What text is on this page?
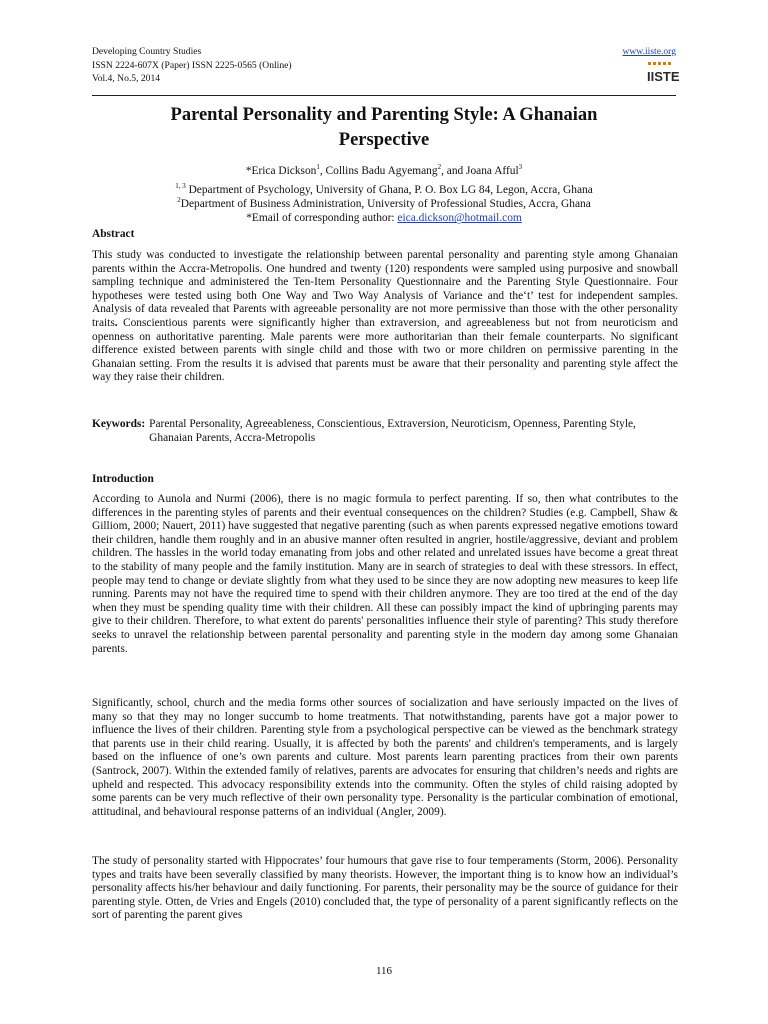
Developing Country Studies
ISSN 2224-607X (Paper) ISSN 2225-0565 (Online)
Vol.4, No.5, 2014
www.iiste.org
IISTE
Parental Personality and Parenting Style: A Ghanaian
Perspective
*Erica Dickson$^1$, Collins Badu Agyemang$^2$, and Joana Afful$^3$
$^{1, 3}$ Department of Psychology, University of Ghana, P. O. Box LG 84, Legon, Accra, Ghana
$^2$Department of Business Administration, University of Professional Studies, Accra, Ghana
*Email of corresponding author: eica.dickson@hotmail.com
Abstract
This study was conducted to investigate the relationship between parental personality and parenting style among Ghanaian parents within the Accra-Metropolis. One hundred and twenty (120) respondents were sampled using purposive and snowball sampling technique and administered the Ten-Item Personality Questionnaire and the Parenting Style Questionnaire. Four hypotheses were tested using both One Way and Two Way Analysis of Variance and the‘t’ test for independent samples. Analysis of data revealed that Parents with agreeable personality are not more permissive than those with the other personality traits. Conscientious parents were significantly higher than extraversion, and agreeableness but not from neuroticism and openness on authoritative parenting. Male parents were more authoritarian than their female counterparts. No significant difference existed between parents with single child and those with two or more children on permissive parenting in the Ghanaian setting. From the results it is advised that parents must be aware that their personality and parenting style affect the way they raise their children.
Keywords: Parental Personality, Agreeableness, Conscientious, Extraversion, Neuroticism, Openness, Parenting Style, Ghanaian Parents, Accra-Metropolis
Introduction
According to Aunola and Nurmi (2006), there is no magic formula to perfect parenting. If so, then what contributes to the differences in the parenting styles of parents and their eventual consequences on the children? Studies (e.g. Campbell, Shaw & Gilliom, 2000; Nauert, 2011) have suggested that negative parenting (such as when parents expressed negative emotions toward their children, handle them roughly and in an abusive manner often resulted in angrier, hostile/aggressive, deviant and problem children. The hassles in the world today emanating from jobs and other related and unrelated issues have become a great threat to the stability of many people and the family institution. Many are in search of strategies to deal with these stressors. In effect, people may tend to change or deviate slightly from what they used to be since they are now adopting new measures to keep life running. Parents may not have the required time to spend with their children anymore. They are too tired at the end of the day when they must be spending quality time with their children. All these can possibly impact the kind of upbringing parents may give to their children. Therefore, to what extent do parents' personalities influence their style of parenting? This study therefore seeks to unravel the relationship between parental personality and parenting style in the modern day among some Ghanaian parents.
Significantly, school, church and the media forms other sources of socialization and have seriously impacted on the lives of many so that they may no longer succumb to home treatments. That notwithstanding, parents have got a major power to influence the lives of their children. Parenting style from a psychological perspective can be viewed as the benchmark strategy that parents use in their child rearing. Usually, it is affected by both the parents' and children's temperaments, and is largely based on the influence of one’s own parents and culture. Most parents learn parenting practices from their own parents (Santrock, 2007). Within the extended family of relatives, parents are advocates for ensuring that children’s needs and rights are upheld and respected. This advocacy responsibility extends into the community. Often the styles of child raising adopted by some parents can be very much reflective of their own personality type. Personality is the particular combination of emotional, attitudinal, and behavioural response patterns of an individual (Angler, 2009).
The study of personality started with Hippocrates’ four humours that gave rise to four temperaments (Storm, 2006). Personality types and traits have been severally classified by many theorists. However, the important thing is to know how an individual’s personality affects his/her behaviour and daily functioning. For parents, their personality may be the source of guidance for their parenting style. Otten, de Vries and Engels (2010) concluded that, the type of personality of a parent significantly reflects on the sort of parenting the parent gives
116
